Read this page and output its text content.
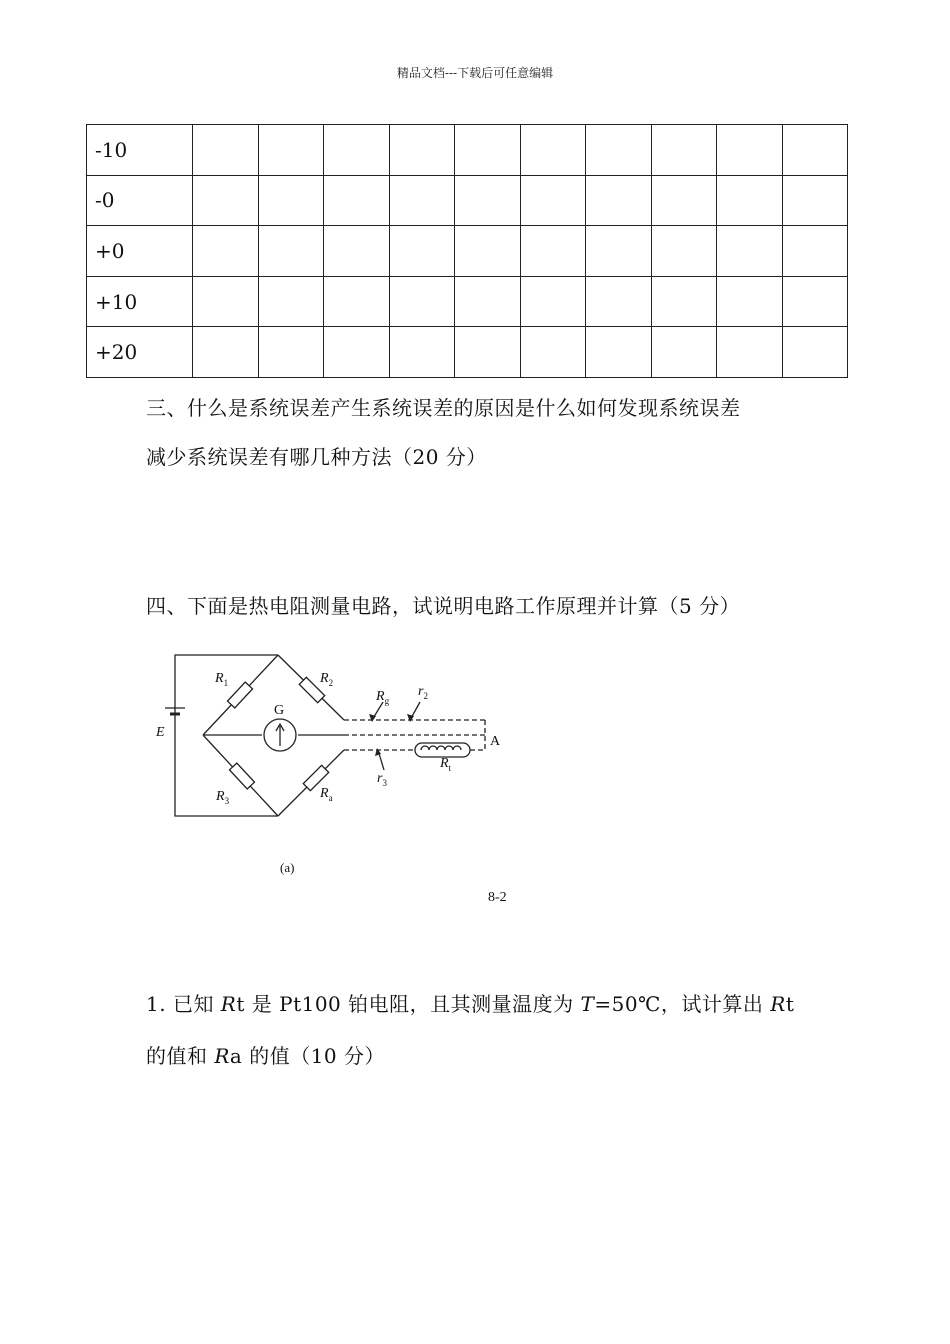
精品文档---下载后可任意编辑
-10										
-0										
+0										
+10										
+20										
三、什么是系统误差产生系统误差的原因是什么如何发现系统误差
减少系统误差有哪几种方法（20 分）
四、下面是热电阻测量电路，试说明电路工作原理并计算（5 分）
E
$R_1$	$R_2$
$R_3$	$R_a$
$R_g$
$r_2$
$r_3$
$R_t$
G
A
(a)
8-2
1. 已知 Rt 是 Pt100 铂电阻，且其测量温度为 T=50℃，试计算出 Rt
的值和 Ra 的值（10 分）
